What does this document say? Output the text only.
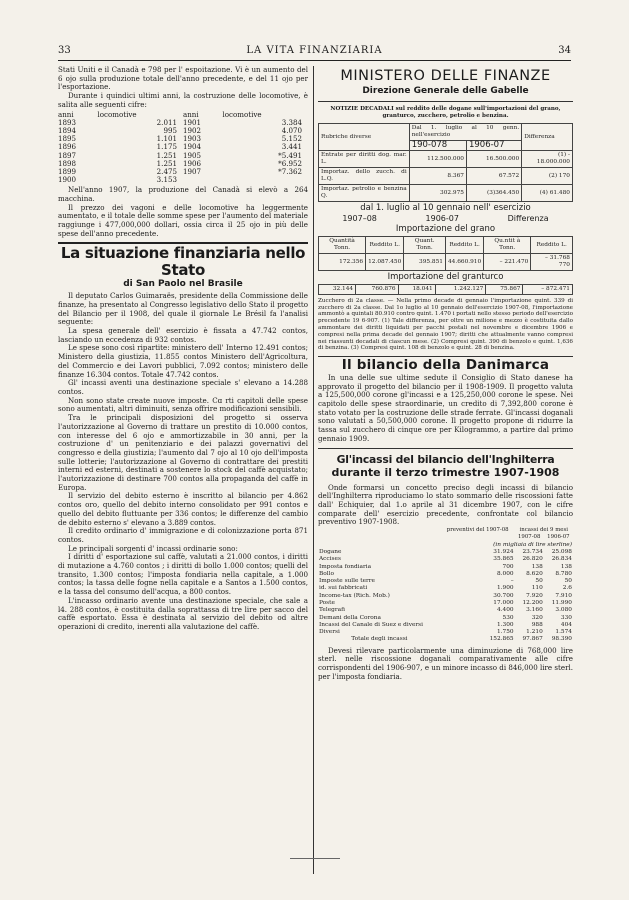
33	LA VITA FINANZIARIA	34

Stati Uniti e il Canadà e 798 per l' espoitazione. Vi è un aumento del 6 ojo sulla produzione totale dell'anno precedente, e del 11 ojo per l'esportazione.

Durante i quindici ultimi anni, la costruzione delle locomotive, è salita alle seguenti cifre:

anni	locomotive	anni	locomotive
1893	2.011	1901	3.384
1894	995	1902	4.070
1895	1.101	1903	5.152
1896	1.175	1904	3.441
1897	1.251	1905	*5.491
1898	1.251	1906	*6.952
1899	2.475	1907	*7.362
1900	3.153		

Nell'anno 1907, la produzione del Canadà si elevò a 264 macchina.

Il prezzo dei vagoni e delle locomotive ha leggermente aumentato, e il totale delle somme spese per l'aumento del materiale raggiunge i 477,000,000 dollari, ossia circa il 25 ojo in più delle spese dell'anno precedente.

La situazione finanziaria nello Stato
di San Paolo nel Brasile

Il deputato Carlos Guimaraës, presidente della Commissione delle finanze, ha presentato al Congresso legislativo dello Stato il progetto del Bilancio per il 1908, del quale il giornale Le Brésil fa l'analisi seguente:

La spesa generale dell' esercizio è fissata a 47.742 contos, lasciando un eccedenza di 932 contos.

Le spese sono così ripartite: ministero dell' Interno 12.491 contos; Ministero della giustizia, 11.855 contos Ministero dell'Agricoltura, del Commercio e dei Lavori pubblici, 7.092 contos; ministero delle finanze 16.304 contos. Totale 47.742 contos.

Gl' incassi aventi una destinazione speciale s' elevano a 14.288 contos.

Non sono state create nuove imposte. Cɑ rti capitoli delle spese sono aumentati, altri diminuiti, senza offrire modificazioni sensibili.

Tra le principali disposizioni del progetto si osserva l'autorizzazione al Governo di trattare un prestito di 10.000 contos, con interesse del 6 ojo e ammortizzabile in 30 anni, per la costruzione d' un penitenziario e dei palazzi governativi del congresso e della giustizia; l'aumento dal 7 ojo al 10 ojo dell'imposta sulle lotterie; l'autorizzazione al Governo di contrattare dei prestiti interni ed esterni, destinati a sostenere lo stock del caffè acquistato; l'autorizzazione di destinare 700 contos alla propaganda del caffè in Europa.

Il servizio del debito esterno è inscritto al bilancio per 4.862 contos oro, quello del debito interno consolidato per 991 contos e quello del debito fluttuante per 336 contos; le differenze del cambio de debito esterno s' elevano a 3.889 contos.

Il credito ordinario d' immigrazione e di colonizzazione porta 871 contos.

Le principali sorgenti d' incassi ordinarie sono:

I diritti d' esportazione sul caffè, valutati a 21.000 contos, i diritti di mutazione a 4.760 contos ; i diritti di bollo 1.000 contos; quelli del transito, 1.300 contos; l'imposta fondiaria nella capitale, a 1.000 contos; la tassa delle fogne nella capitale e a Santos a 1.500 contos, e la tassa del consumo dell'acqua, a 800 contos.

L'incasso ordinario avente una destinazione speciale, che sale a l4. 288 contos, è costituita dalla soprattassa di tre lire per sacco del caffè esportato. Essa è destinata al servizio del debito od altre operazioni di credito, inerenti alla valutazione del caffè.

MINISTERO DELLE FINANZE
Direzione Generale delle Gabelle
NOTIZIE DECADALI sul reddito delle dogane sull'importazioni del grano, granturco, zucchero, petrolio e benzina.
Rubriche diverse	Dal 1. luglio al 10 genn. nell'esercizio		Differenza
	190-078	1906-07	
Entrate per diritti dog. mar. L.	112.500.000	16.500.000	(1) - 18.000.000
Importaz. dello zucch. di L.Q.	8.367	67.572	(2) 170
Importaz. petrolio e benzina Q.	302.975	(3)364.450	(4) 61.480
dal 1. luglio al 10 gennaio nell' esercizio
1907–08	1906-07	Differenza
Importazione del grano
Quantità Tonn.	Reddito L.	Quant. Tonn.	Reddito L.	Qu.ntit à Tonn.	Reddito L.
172.356	12.087.450	395.851	44.660.910	– 221.470	– 31.768 770
Importazione del granturco
32.144	760.876	18.041	1.242.127	75.867	– 872.471

Zucchero di 2a classe. — Nella primo decade di gennaio l'importazione quint. 339 di zucchero di 2a classe. Dal 1o luglio al 10 gennaio dell'esercizio 1907-08, l'importazione ammontò a quintali 80.910 contro quint. 1.470 i portati nello stesso periodo dell'esercizio precedente 19 6-907. (1) Tale differenza, per oltre un milione e mezzo è costituita dallo ammontare dei diritti liquidati per pacchi postali nel novembre e dicembre 1906 e compresi nella prima decade del gennaio 1907; diritti che attualmente vanno compresi nei riassunti decadali di ciascun mese. (2) Compresi quint. 390 di benzolo e quint. 1,636 di benzina. (3) Compresi quint. 108 di benzolo e quint. 28 di benzina.

Il bilancio della Danimarca

In una delle sue ultime sedute il Consiglio di Stato danese ha approvato il progetto del bilancio per il 1908-1909. Il progetto valuta a 125,500,000 corone gl'incassi e a 125,250,000 corone le spese. Nei capitolo delle spese straordinarie, un credito di 7,392,800 corone è stato votato per la costruzione delle strade ferrate. Gl'incassi doganali sono valutati a 50,500,000 corone. Il progetto propone di ridurre la tassa sul zucchero di cinque ore per Kilogrammo, a partire dal primo gennaio 1909.

Gl'incassi del bilancio dell'Inghilterra
durante il terzo trimestre 1907-1908

Onde formarsi un concetto preciso degli incassi di bilancio dell'Inghilterra riproduciamo lo stato sommario delle riscossioni fatte dall' Echiquier, dal 1.o aprile al 31 dicembre 1907, con le cifre comparate dell' esercizio precedente, confrontate col bilancio preventivo 1907-1908.

	preventivi del 1907-08	incassi dei 9 mesi	
		1907-08	1906-07
(in migliaia di lire sterline)			
Dogane	31.924	23.734	25.098
Accises	35.865	26.820	26.834
Imposta fondiaria	700	138	138
Bollo	8.000	8.620	8.780
Imposte sulle terre	–	50	50
id. sui fabbricati	1.900	110	2.6
Income-tax (Rich. Mob.)	30.700	7.920	7.910
Poste	17.000	12.200	11.990
Telegrafi	4.400	3.160	3.080
Demani della Corona	530	320	330
Incassi del Canale di Suez e diversi	1.300	988	404
Diversi	1.750	1.210	1.574
Totale degli incassi	152.865	97.867	98.390

Devesi rilevare particolarmente una diminuzione di 768,000 lire sterl. nelle riscossione doganali comparativamente alle cifre corrispondenti del 1906-907, e un minore incasso di 846,000 lire sterl. per l'imposta fondiaria.
